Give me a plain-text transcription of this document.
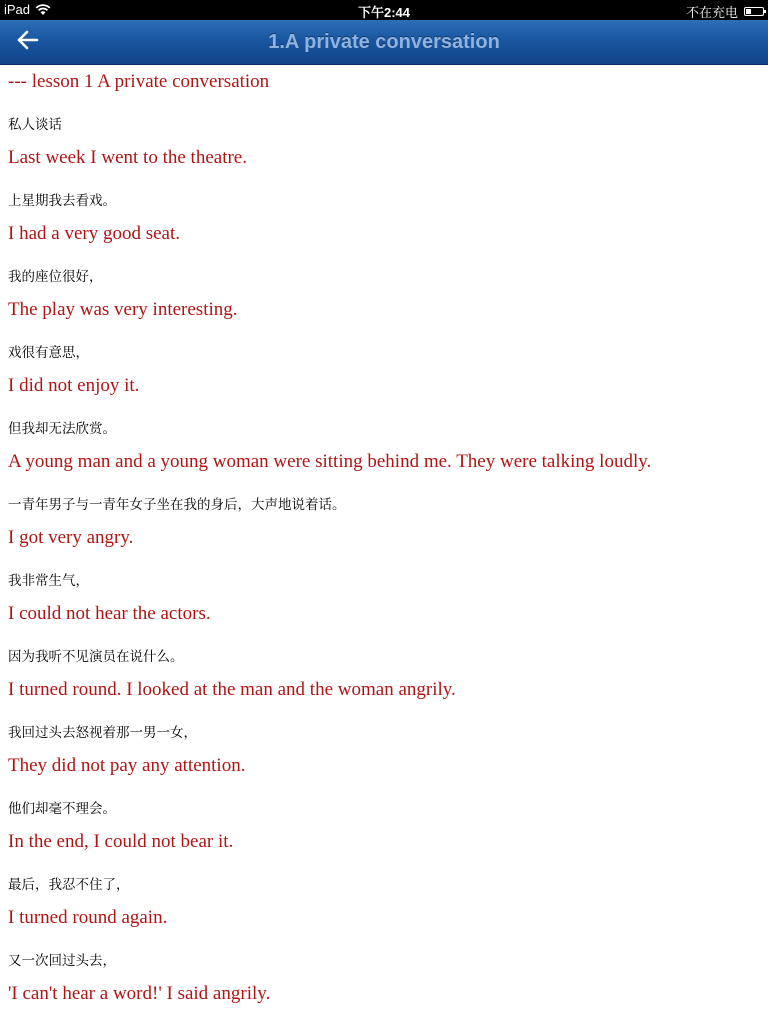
iPad	下午2:44	不在充电
1.A private conversation
--- lesson 1 A private conversation
私人谈话
Last week I went to the theatre.
上星期我去看戏。
I had a very good seat.
我的座位很好，
The play was very interesting.
戏很有意思，
I did not enjoy it.
但我却无法欣赏。
A young man and a young woman were sitting behind me. They were talking loudly.
一青年男子与一青年女子坐在我的身后，大声地说着话。
I got very angry.
我非常生气，
I could not hear the actors.
因为我听不见演员在说什么。
I turned round. I looked at the man and the woman angrily.
我回过头去怒视着那一男一女，
They did not pay any attention.
他们却毫不理会。
In the end, I could not bear it.
最后，我忍不住了，
I turned round again.
又一次回过头去，
'I can't hear a word!' I said angrily.
